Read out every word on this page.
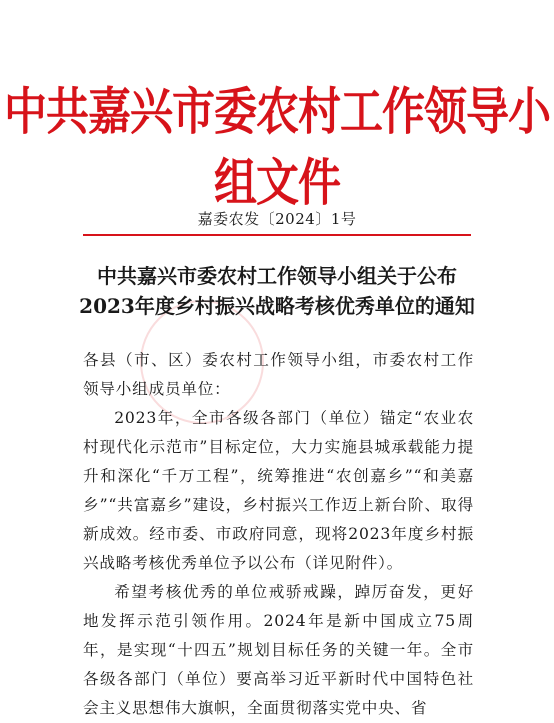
中共嘉兴市委农村工作领导小组文件
嘉委农发〔2024〕1号
中共嘉兴市委农村工作领导小组关于公布
2023年度乡村振兴战略考核优秀单位的通知

各县（市、区）委农村工作领导小组，市委农村工作领导小组成员单位：

2023年，全市各级各部门（单位）锚定“农业农村现代化示范市”目标定位，大力实施县城承载能力提升和深化“千万工程”，统筹推进“农创嘉乡”“和美嘉乡”“共富嘉乡”建设，乡村振兴工作迈上新台阶、取得新成效。经市委、市政府同意，现将2023年度乡村振兴战略考核优秀单位予以公布（详见附件）。

希望考核优秀的单位戒骄戒躁，踔厉奋发，更好地发挥示范引领作用。2024年是新中国成立75周年，是实现“十四五”规划目标任务的关键一年。全市各级各部门（单位）要高举习近平新时代中国特色社会主义思想伟大旗帜，全面贯彻落实党中央、省
